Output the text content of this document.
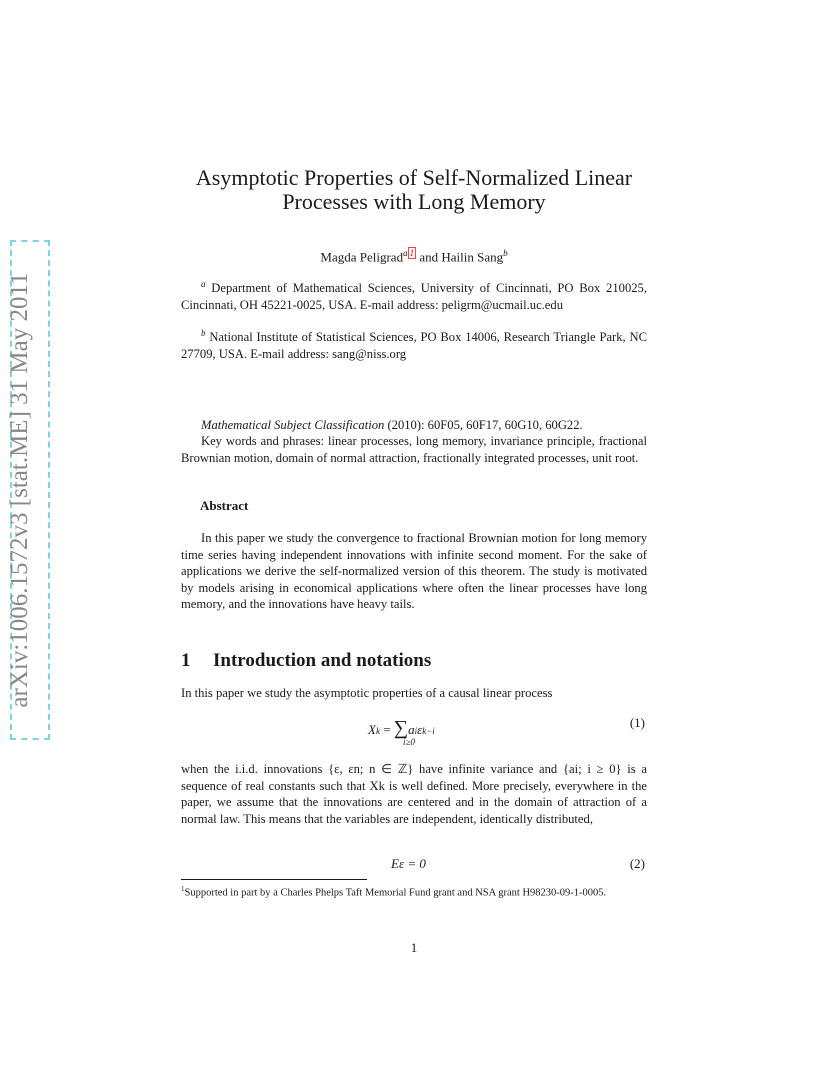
arXiv:1006.1572v3 [stat.ME] 31 May 2011
Asymptotic Properties of Self-Normalized Linear
Processes with Long Memory
Magda Peligrad$^a$ $^1$ and Hailin Sang$^b$
$^a$ Department of Mathematical Sciences, University of Cincinnati, PO Box 210025, Cincinnati, OH 45221-0025, USA. E-mail address: peligrm@ucmail.uc.edu
$^b$ National Institute of Statistical Sciences, PO Box 14006, Research Triangle Park, NC 27709, USA. E-mail address: sang@niss.org

Mathematical Subject Classification (2010): 60F05, 60F17, 60G10, 60G22.

Key words and phrases: linear processes, long memory, invariance principle, fractional Brownian motion, domain of normal attraction, fractionally integrated processes, unit root.

Abstract

In this paper we study the convergence to fractional Brownian motion for long memory time series having independent innovations with infinite second moment. For the sake of applications we derive the self-normalized version of this theorem. The study is motivated by models arising in economical applications where often the linear processes have long memory, and the innovations have heavy tails.

1 Introduction and notations

In this paper we study the asymptotic properties of a causal linear process

Xk = ∑aiεk−i
i≥0
(1)

when the i.i.d. innovations {ε, εn; n ∈ ℤ} have infinite variance and {ai; i ≥ 0} is a sequence of real constants such that Xk is well defined. More precisely, everywhere in the paper, we assume that the innovations are centered and in the domain of attraction of a normal law. This means that the variables are independent, identically distributed,

Eε = 0	(2)
$^1$Supported in part by a Charles Phelps Taft Memorial Fund grant and NSA grant H98230-09-1-0005.
1
